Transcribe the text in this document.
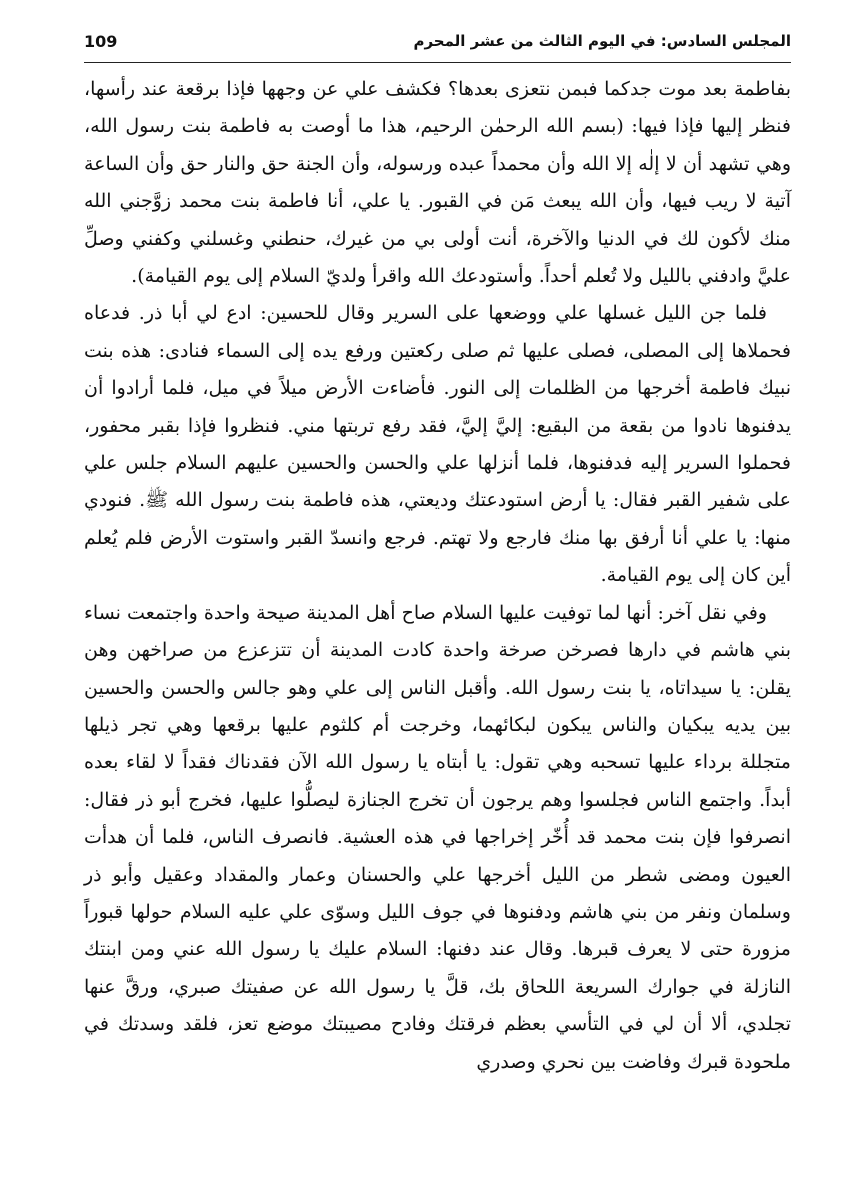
المجلس السادس: في اليوم الثالث من عشر المحرم
109

بفاطمة بعد موت جدكما فبمن نتعزى بعدها؟ فكشف علي عن وجهها فإذا برقعة عند رأسها، فنظر إليها فإذا فيها: (بسم الله الرحمٰن الرحيم، هذا ما أوصت به فاطمة بنت رسول الله، وهي تشهد أن لا إلٰه إلا الله وأن محمداً عبده ورسوله، وأن الجنة حق والنار حق وأن الساعة آتية لا ريب فيها، وأن الله يبعث مَن في القبور. يا علي، أنا فاطمة بنت محمد زوَّجني الله منك لأكون لك في الدنيا والآخرة، أنت أولى بي من غيرك، حنطني وغسلني وكفني وصلِّ عليَّ وادفني بالليل ولا تُعلم أحداً. وأستودعك الله واقرأ ولديّ السلام إلى يوم القيامة).

فلما جن الليل غسلها علي ووضعها على السرير وقال للحسين: ادع لي أبا ذر. فدعاه فحملاها إلى المصلى، فصلى عليها ثم صلى ركعتين ورفع يده إلى السماء فنادى: هذه بنت نبيك فاطمة أخرجها من الظلمات إلى النور. فأضاءت الأرض ميلاً في ميل، فلما أرادوا أن يدفنوها نادوا من بقعة من البقيع: إليَّ إليَّ، فقد رفع تربتها مني. فنظروا فإذا بقبر محفور، فحملوا السرير إليه فدفنوها، فلما أنزلها علي والحسن والحسين عليهم السلام جلس علي على شفير القبر فقال: يا أرض استودعتك وديعتي، هذه فاطمة بنت رسول الله ﷺ. فنودي منها: يا علي أنا أرفق بها منك فارجع ولا تهتم. فرجع وانسدّ القبر واستوت الأرض فلم يُعلم أين كان إلى يوم القيامة.

وفي نقل آخر: أنها لما توفيت عليها السلام صاح أهل المدينة صيحة واحدة واجتمعت نساء بني هاشم في دارها فصرخن صرخة واحدة كادت المدينة أن تتزعزع من صراخهن وهن يقلن: يا سيداتاه، يا بنت رسول الله. وأقبل الناس إلى علي وهو جالس والحسن والحسين بين يديه يبكيان والناس يبكون لبكائهما، وخرجت أم كلثوم عليها برقعها وهي تجر ذيلها متجللة برداء عليها تسحبه وهي تقول: يا أبتاه يا رسول الله الآن فقدناك فقداً لا لقاء بعده أبداً. واجتمع الناس فجلسوا وهم يرجون أن تخرج الجنازة ليصلُّوا عليها، فخرج أبو ذر فقال: انصرفوا فإن بنت محمد قد أُخّر إخراجها في هذه العشية. فانصرف الناس، فلما أن هدأت العيون ومضى شطر من الليل أخرجها علي والحسنان وعمار والمقداد وعقيل وأبو ذر وسلمان ونفر من بني هاشم ودفنوها في جوف الليل وسوّى علي عليه السلام حولها قبوراً مزورة حتى لا يعرف قبرها. وقال عند دفنها: السلام عليك يا رسول الله عني ومن ابنتك النازلة في جوارك السريعة اللحاق بك، قلَّ يا رسول الله عن صفيتك صبري، ورقَّ عنها تجلدي، ألا أن لي في التأسي بعظم فرقتك وفادح مصيبتك موضع تعز، فلقد وسدتك في ملحودة قبرك وفاضت بين نحري وصدري
